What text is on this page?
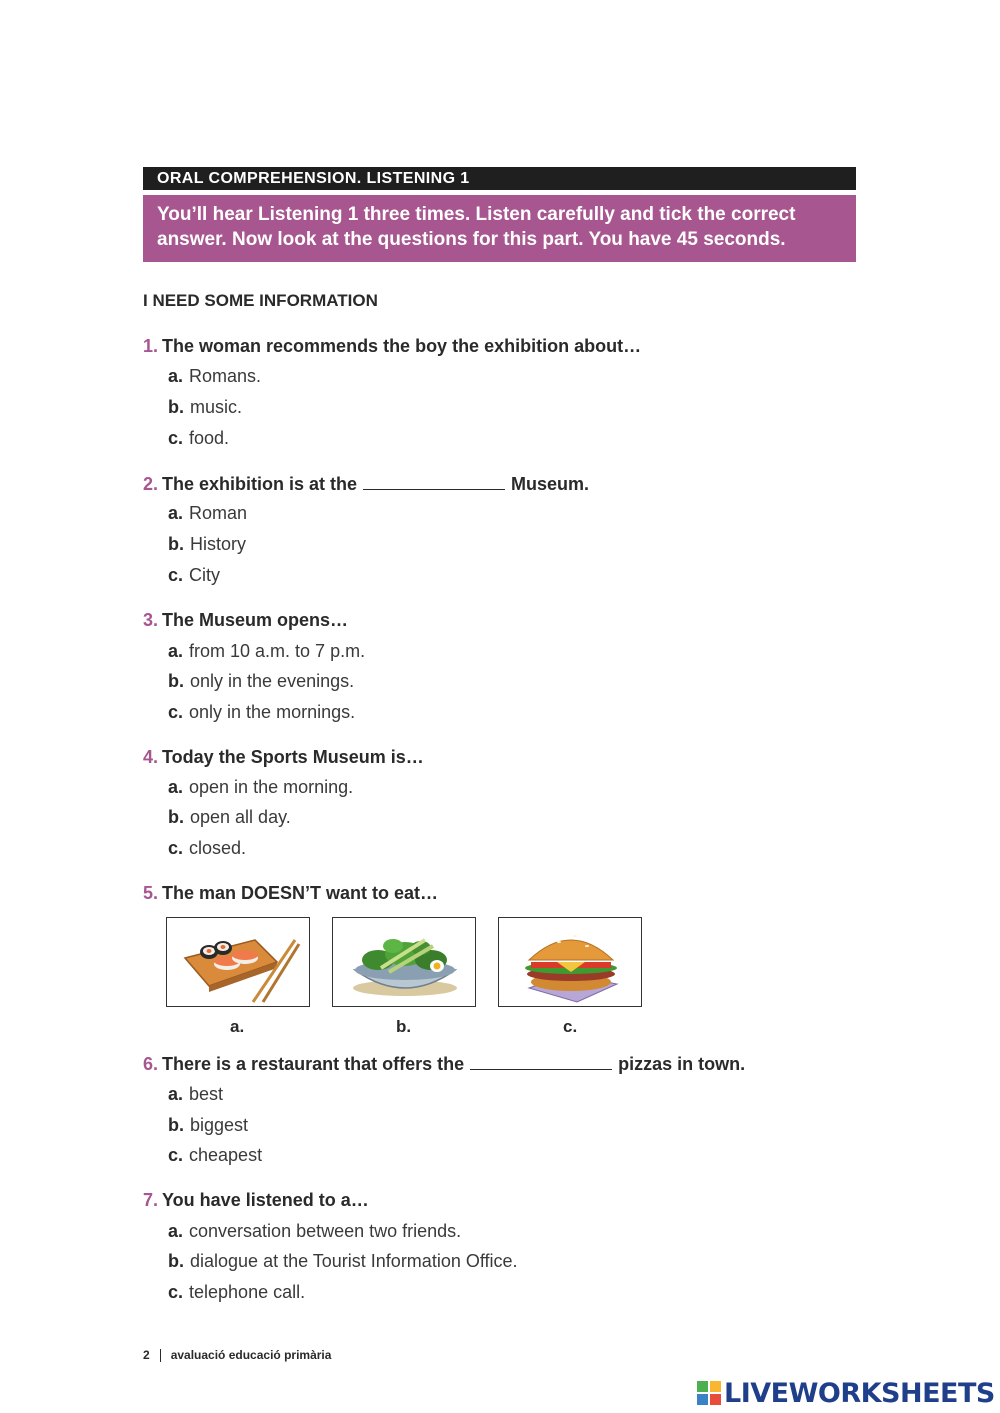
ORAL COMPREHENSION. LISTENING 1
You’ll hear Listening 1 three times. Listen carefully and tick the correct answer. Now look at the questions for this part. You have 45 seconds.
I NEED SOME INFORMATION
1. The woman recommends the boy the exhibition about…
a. Romans.
b. music.
c. food.
2. The exhibition is at the	Museum.
a. Roman
b. History
c. City
3. The Museum opens…
a. from 10 a.m. to 7 p.m.
b. only in the evenings.
c. only in the mornings.
4. Today the Sports Museum is…
a. open in the morning.
b. open all day.
c. closed.
5. The man DOESN’T want to eat…
a.	b.	c.
6. There is a restaurant that offers the	pizzas in town.
a. best
b. biggest
c. cheapest
7. You have listened to a…
a. conversation between two friends.
b. dialogue at the Tourist Information Office.
c. telephone call.
2 avaluació educació primària
LIVEWORKSHEETS
